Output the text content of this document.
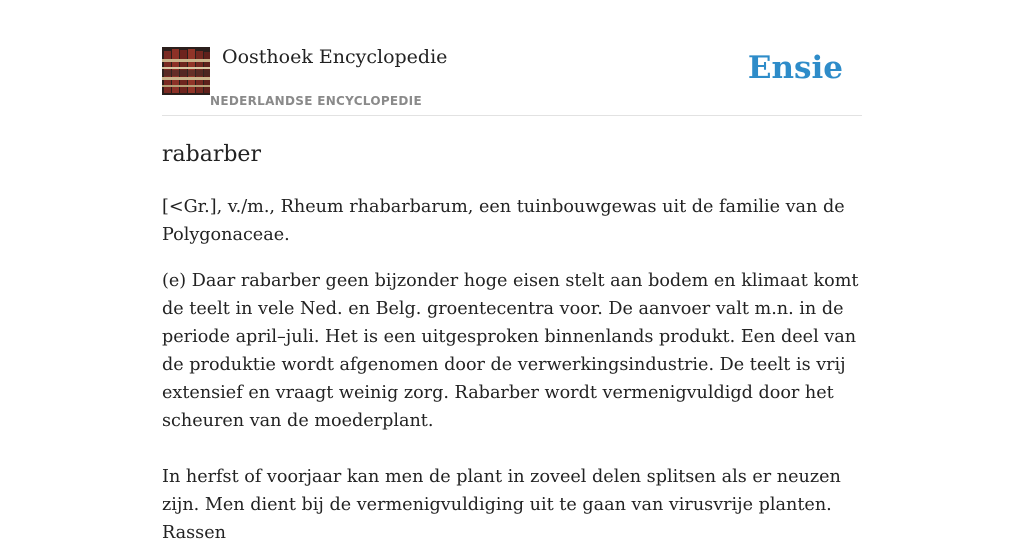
Oosthoek Encyclopedie
NEDERLANDSE ENCYCLOPEDIE
Ensie
rabarber

[<Gr.], v./m., Rheum rhabarbarum, een tuinbouwgewas uit de familie van de Polygonaceae.

(e) Daar rabarber geen bijzonder hoge eisen stelt aan bodem en klimaat komt de teelt in vele Ned. en Belg. groentecentra voor. De aanvoer valt m.n. in de periode april–juli. Het is een uitgesproken binnenlands produkt. Een deel van de produktie wordt afgenomen door de verwerkingsindustrie. De teelt is vrij extensief en vraagt weinig zorg. Rabarber wordt vermenigvuldigd door het scheuren van de moederplant.

In herfst of voorjaar kan men de plant in zoveel delen splitsen als er neuzen zijn. Men dient bij de vermenigvuldiging uit te gaan van virusvrije planten. Rassen
